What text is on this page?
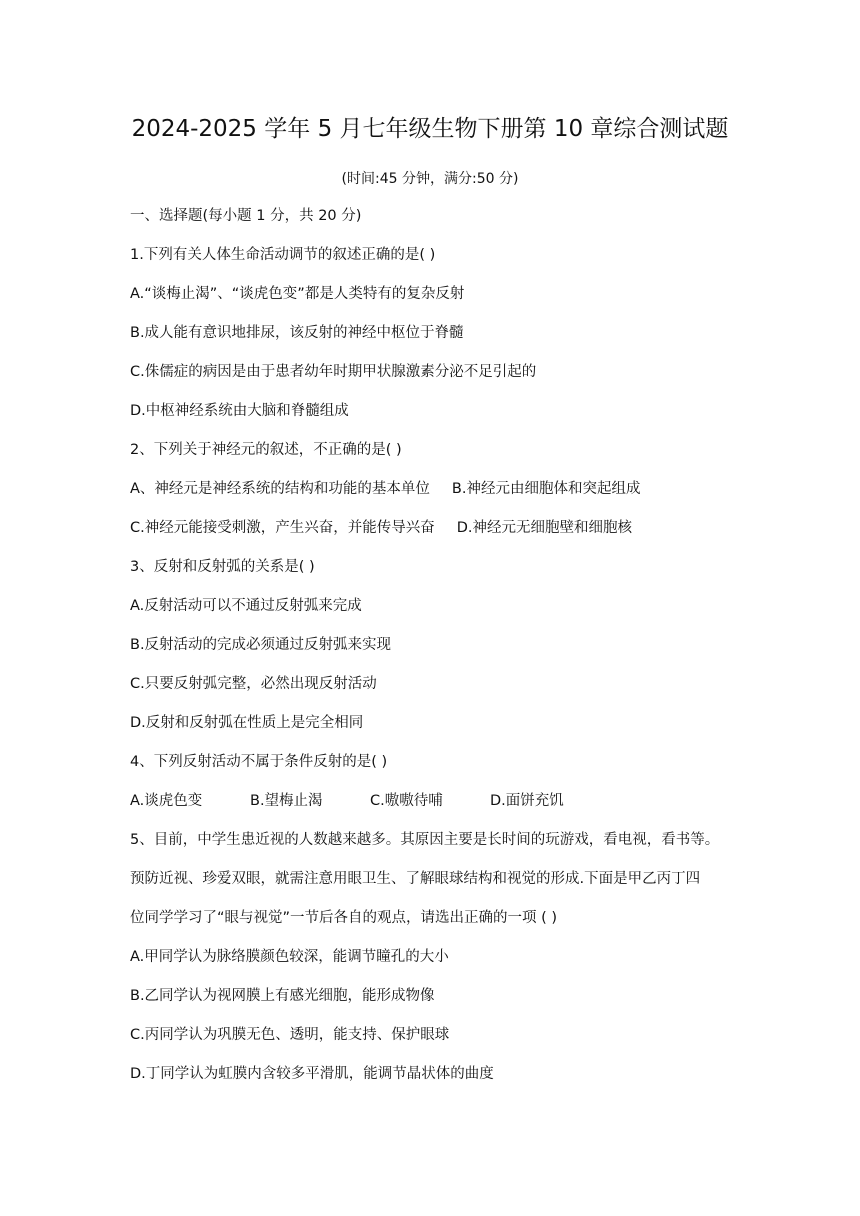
2024-2025 学年 5 月七年级生物下册第 10 章综合测试题
(时间:45 分钟，满分:50 分)
一、选择题(每小题 1 分，共 20 分)
1.下列有关人体生命活动调节的叙述正确的是( )
A.“谈梅止渴”、“谈虎色变”都是人类特有的复杂反射
B.成人能有意识地排尿，该反射的神经中枢位于脊髓
C.侏儒症的病因是由于患者幼年时期甲状腺激素分泌不足引起的
D.中枢神经系统由大脑和脊髓组成
2、下列关于神经元的叙述，不正确的是( )
A、神经元是神经系统的结构和功能的基本单位 B.神经元由细胞体和突起组成
C.神经元能接受刺激，产生兴奋，并能传导兴奋 D.神经元无细胞壁和细胞核
3、反射和反射弧的关系是( )
A.反射活动可以不通过反射弧来完成
B.反射活动的完成必须通过反射弧来实现
C.只要反射弧完整，必然出现反射活动
D.反射和反射弧在性质上是完全相同
4、下列反射活动不属于条件反射的是( )
A.谈虎色变	B.望梅止渴	C.嗷嗷待哺	D.面饼充饥
5、目前，中学生患近视的人数越来越多。其原因主要是长时间的玩游戏，看电视，看书等。
预防近视、珍爱双眼，就需注意用眼卫生、了解眼球结构和视觉的形成.下面是甲乙丙丁四
位同学学习了“眼与视觉”一节后各自的观点，请选出正确的一项 ( )
A.甲同学认为脉络膜颜色较深，能调节瞳孔的大小
B.乙同学认为视网膜上有感光细胞，能形成物像
C.丙同学认为巩膜无色、透明，能支持、保护眼球
D.丁同学认为虹膜内含较多平滑肌，能调节晶状体的曲度
